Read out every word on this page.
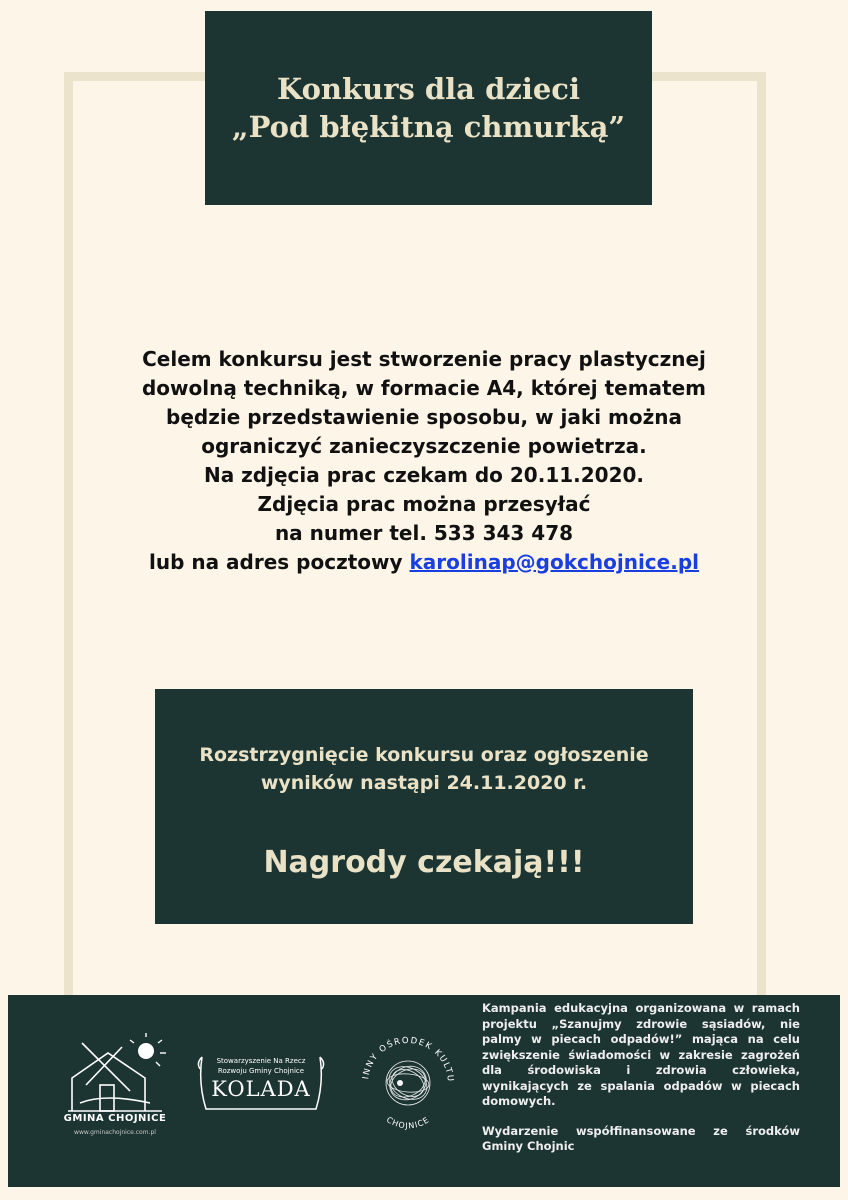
Konkurs dla dzieci
„Pod błękitną chmurką”
Celem konkursu jest stworzenie pracy plastycznej
dowolną techniką, w formacie A4, której tematem
będzie przedstawienie sposobu, w jaki można
ograniczyć zanieczyszczenie powietrza.
Na zdjęcia prac czekam do 20.11.2020.
Zdjęcia prac można przesyłać
na numer tel. 533 343 478
lub na adres pocztowy karolinap@gokchojnice.pl
Rozstrzygnięcie konkursu oraz ogłoszenie
wyników nastąpi 24.11.2020 r.
Nagrody czekają!!!
GMINA CHOJNICE
www.gminachojnice.com.pl
Stowarzyszenie Na Rzecz
Rozwoju Gminy Chojnice
KOLADA	INNY OŚRODEK KULTU
CHOJNICE

Kampania edukacyjna organizowana w ramach projektu „Szanujmy zdrowie sąsiadów, nie palmy w piecach odpadów!” mająca na celu zwiększenie świadomości w zakresie zagrożeń dla środowiska i zdrowia człowieka, wynikających ze spalania odpadów w piecach domowych.

Wydarzenie współfinansowane ze środków Gminy Chojnic
